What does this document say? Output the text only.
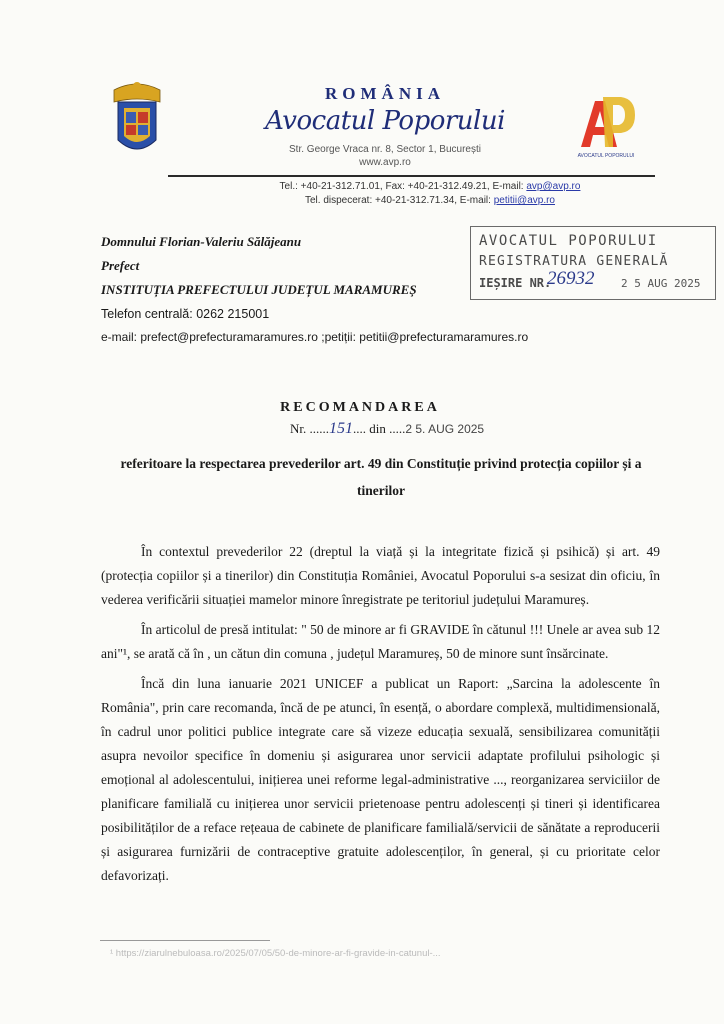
ROMÂNIA
Avocatul Poporului
Str. George Vraca nr. 8, Sector 1, București
www.avp.ro
AVOCATUL POPORULUI
Tel.: +40-21-312.71.01, Fax: +40-21-312.49.21, E-mail: avp@avp.ro
Tel. dispecerat: +40-21-312.71.34, E-mail: petitii@avp.ro
Domnului Florian-Valeriu Sălăjeanu
Prefect
INSTITUȚIA PREFECTULUI JUDEȚUL MARAMUREȘ
Telefon centrală: 0262 215001
e-mail: prefect@prefecturamaramures.ro ;petiții: petitii@prefecturamaramures.ro
AVOCATUL POPORULUI
REGISTRATURA GENERALĂ
IEȘIRE NR.
26932 2 5 AUG 2025
RECOMANDAREA
Nr. ......151.... din .....2 5. AUG 2025
referitoare la respectarea prevederilor art. 49 din Constituție privind protecția copiilor și a tinerilor

În contextul prevederilor 22 (dreptul la viață și la integritate fizică și psihică) și art. 49 (protecția copiilor și a tinerilor) din Constituția României, Avocatul Poporului s-a sesizat din oficiu, în vederea verificării situației mamelor minore înregistrate pe teritoriul județului Maramureș.

În articolul de presă intitulat: " 50 de minore ar fi GRAVIDE în cătunul !!! Unele ar avea sub 12 ani"¹, se arată că în , un cătun din comuna , județul Maramureș, 50 de minore sunt însărcinate.

Încă din luna ianuarie 2021 UNICEF a publicat un Raport: „Sarcina la adolescente în România", prin care recomanda, încă de pe atunci, în esență, o abordare complexă, multidimensională, în cadrul unor politici publice integrate care să vizeze educația sexuală, sensibilizarea comunității asupra nevoilor specifice în domeniu și asigurarea unor servicii adaptate profilului psihologic și emoțional al adolescentului, inițierea unei reforme legal-administrative ..., reorganizarea serviciilor de planificare familială cu inițierea unor servicii prietenoase pentru adolescenți și tineri și identificarea posibilităților de a reface rețeaua de cabinete de planificare familială/servicii de sănătate a reproducerii și asigurarea furnizării de contraceptive gratuite adolescenților, în general, și cu prioritate celor defavorizați.

¹ https://ziarulnebuloasa.ro/2025/07/05/50-de-minore-ar-fi-gravide-in-catunul-...
